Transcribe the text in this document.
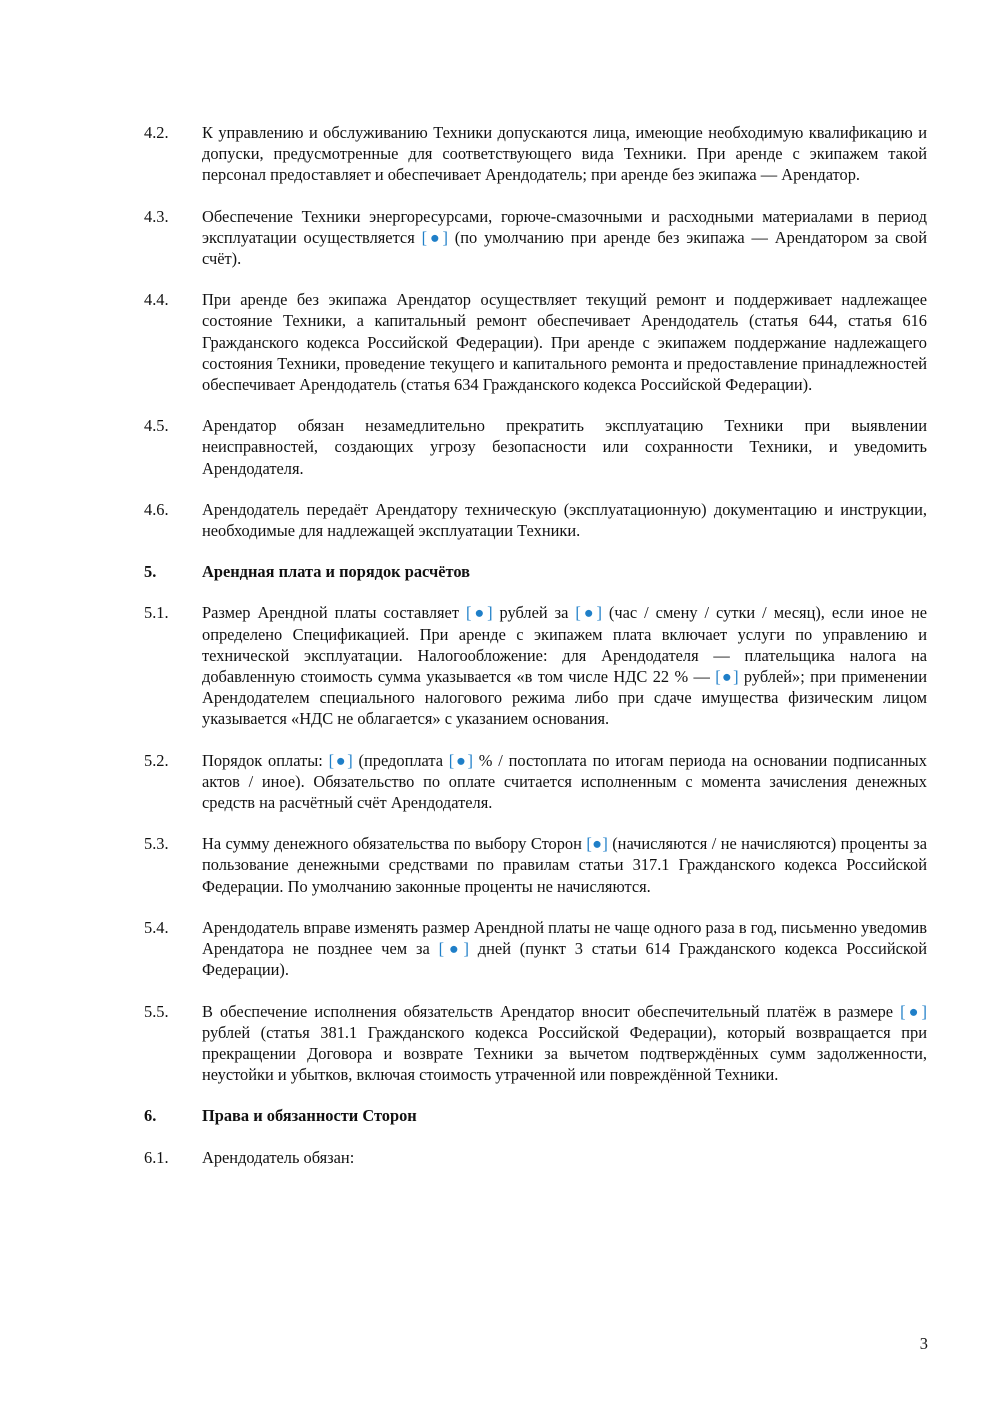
4.2.	К управлению и обслуживанию Техники допускаются лица, имеющие необходимую квалификацию и допуски, предусмотренные для соответствующего вида Техники. При аренде с экипажем такой персонал предоставляет и обеспечивает Арендодатель; при аренде без экипажа — Арендатор.
4.3.	Обеспечение Техники энергоресурсами, горюче-смазочными и расходными материалами в период эксплуатации осуществляется [●] (по умолчанию при аренде без экипажа — Арендатором за свой счёт).
4.4.	При аренде без экипажа Арендатор осуществляет текущий ремонт и поддерживает надлежащее состояние Техники, а капитальный ремонт обеспечивает Арендодатель (статья 644, статья 616 Гражданского кодекса Российской Федерации). При аренде с экипажем поддержание надлежащего состояния Техники, проведение текущего и капитального ремонта и предоставление принадлежностей обеспечивает Арендодатель (статья 634 Гражданского кодекса Российской Федерации).
4.5.	Арендатор обязан незамедлительно прекратить эксплуатацию Техники при выявлении неисправностей, создающих угрозу безопасности или сохранности Техники, и уведомить Арендодателя.
4.6.	Арендодатель передаёт Арендатору техническую (эксплуатационную) документацию и инструкции, необходимые для надлежащей эксплуатации Техники.
5.	Арендная плата и порядок расчётов
5.1.	Размер Арендной платы составляет [●] рублей за [●] (час / смену / сутки / месяц), если иное не определено Спецификацией. При аренде с экипажем плата включает услуги по управлению и технической эксплуатации. Налогообложение: для Арендодателя — плательщика налога на добавленную стоимость сумма указывается «в том числе НДС 22 % — [●] рублей»; при применении Арендодателем специального налогового режима либо при сдаче имущества физическим лицом указывается «НДС не облагается» с указанием основания.
5.2.	Порядок оплаты: [●] (предоплата [●] % / постоплата по итогам периода на основании подписанных актов / иное). Обязательство по оплате считается исполненным с момента зачисления денежных средств на расчётный счёт Арендодателя.
5.3.	На сумму денежного обязательства по выбору Сторон [●] (начисляются / не начисляются) проценты за пользование денежными средствами по правилам статьи 317.1 Гражданского кодекса Российской Федерации. По умолчанию законные проценты не начисляются.
5.4.	Арендодатель вправе изменять размер Арендной платы не чаще одного раза в год, письменно уведомив Арендатора не позднее чем за [●] дней (пункт 3 статьи 614 Гражданского кодекса Российской Федерации).
5.5.	В обеспечение исполнения обязательств Арендатор вносит обеспечительный платёж в размере [●] рублей (статья 381.1 Гражданского кодекса Российской Федерации), который возвращается при прекращении Договора и возврате Техники за вычетом подтверждённых сумм задолженности, неустойки и убытков, включая стоимость утраченной или повреждённой Техники.
6.	Права и обязанности Сторон
6.1.	Арендодатель обязан:
3
